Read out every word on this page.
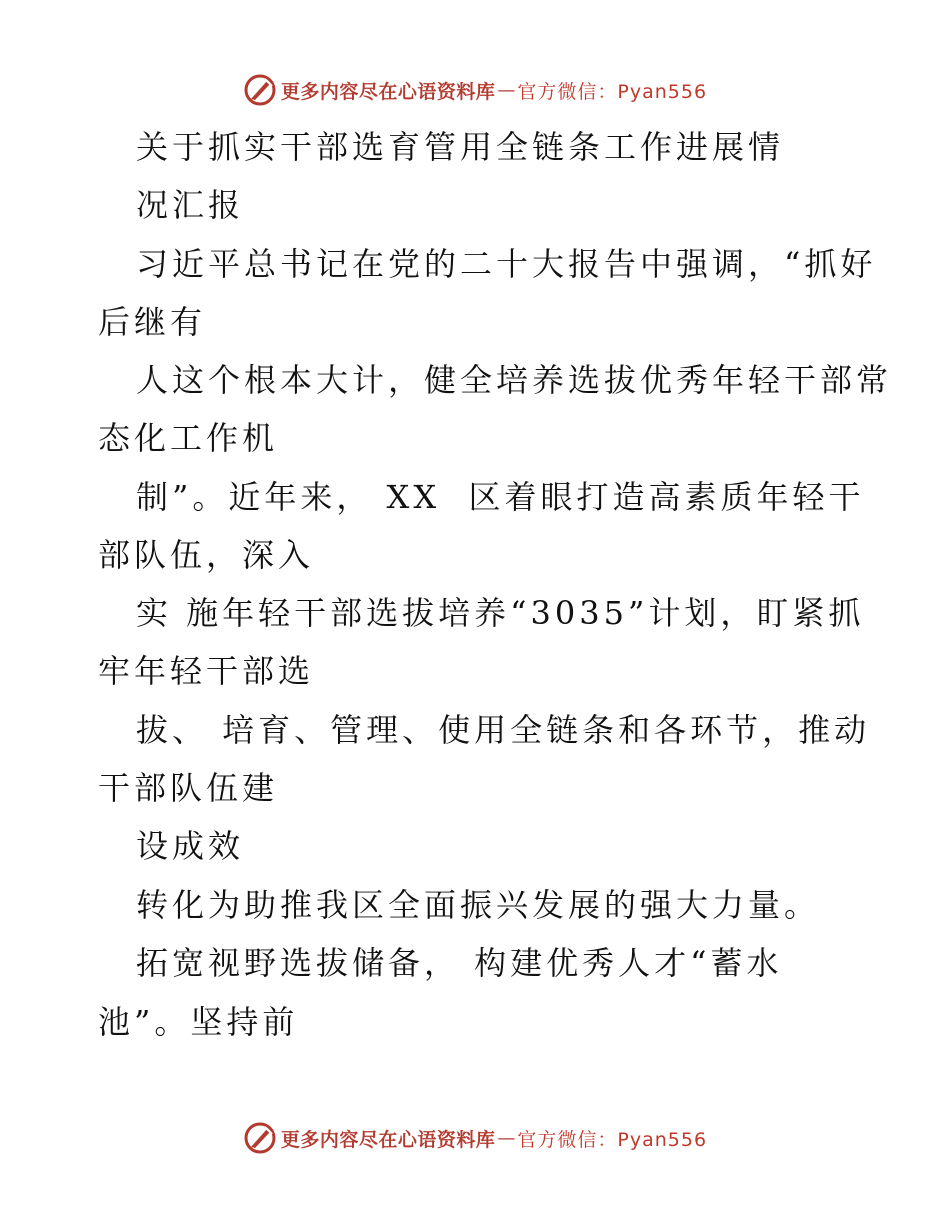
更多内容尽在心语资料库 — 官方微信：Pyan556
关于抓实干部选育管用全链条工作进展情
况汇报
习近平总书记在党的二十大报告中强调，“抓好
后继有
人这个根本大计，健全培养选拔优秀年轻干部常
态化工作机
制”。近年来， XX  区着眼打造高素质年轻干
部队伍，深入
实 施年轻干部选拔培养“3035”计划，盯紧抓
牢年轻干部选
拔、 培育、管理、使用全链条和各环节，推动
干部队伍建
设成效
转化为助推我区全面振兴发展的强大力量。
拓宽视野选拔储备， 构建优秀人才“蓄水
池”。坚持前
更多内容尽在心语资料库 — 官方微信：Pyan556
